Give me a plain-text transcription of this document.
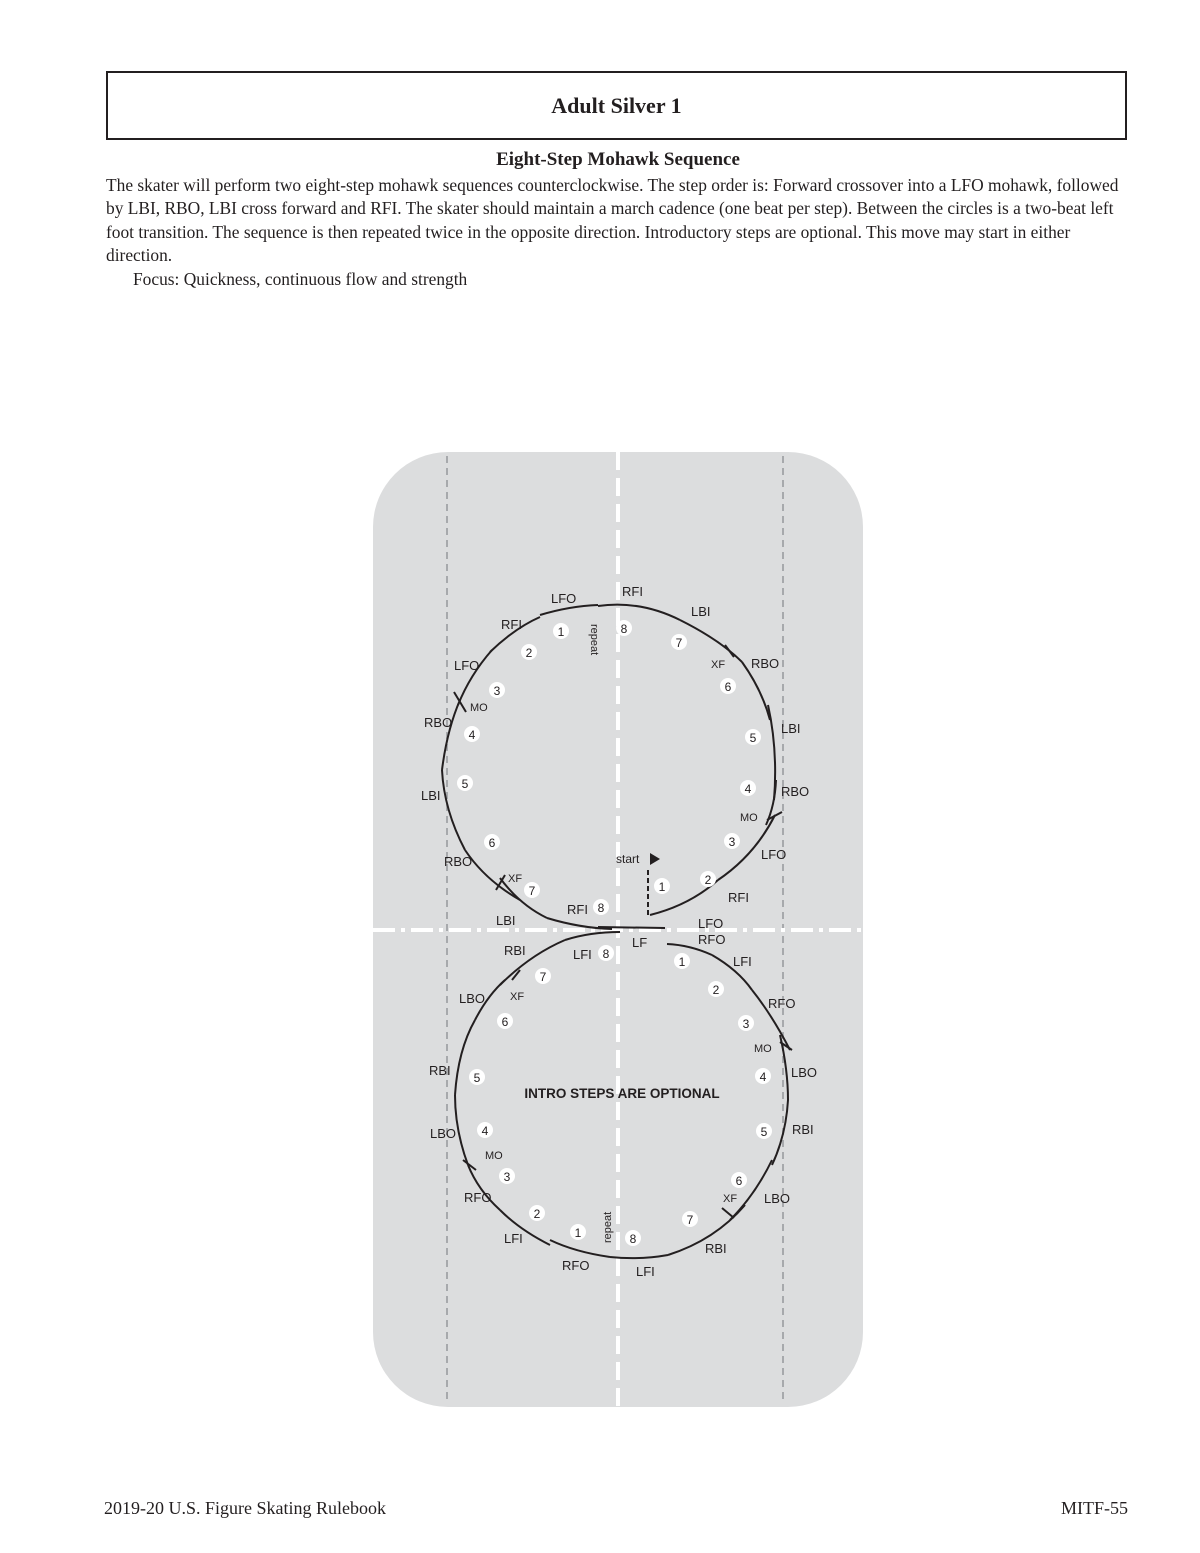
Adult Silver 1
Eight-Step Mohawk Sequence

The skater will perform two eight-step mohawk sequences counterclockwise. The step order is: Forward crossover into a LFO mohawk, followed by LBI, RBO, LBI cross forward and RFI. The skater should maintain a march cadence (one beat per step). Between the circles is a two-beat left foot transition. The sequence is then repeated twice in the opposite direction. Introductory steps are optional. This move may start in either direction.

Focus: Quickness, continuous flow and strength

LFO	RFI
LBI
RFI
LFO
RBO
LBI
RBO
LBI
RFI
RBO
LBI
RBO
LFO
RFI
LFO
RFO
LFI
RFO
LBO
RBI
LBO
RBI
LFI
RFO
LFI
RFO
LBO
RBI
LBO
RBI	LFI
MO
XF
XF
MO
MO
XF
MO
XF
1
2
3
4
5
6
7
8
8
7
6
5
4
3
2
1
1
2
3
4
5
6
7
8
1
2
3
4
5
6
7
8
start
LF
repeat
repeat
INTRO STEPS ARE OPTIONAL
2019-20 U.S. Figure Skating Rulebook	MITF-55
